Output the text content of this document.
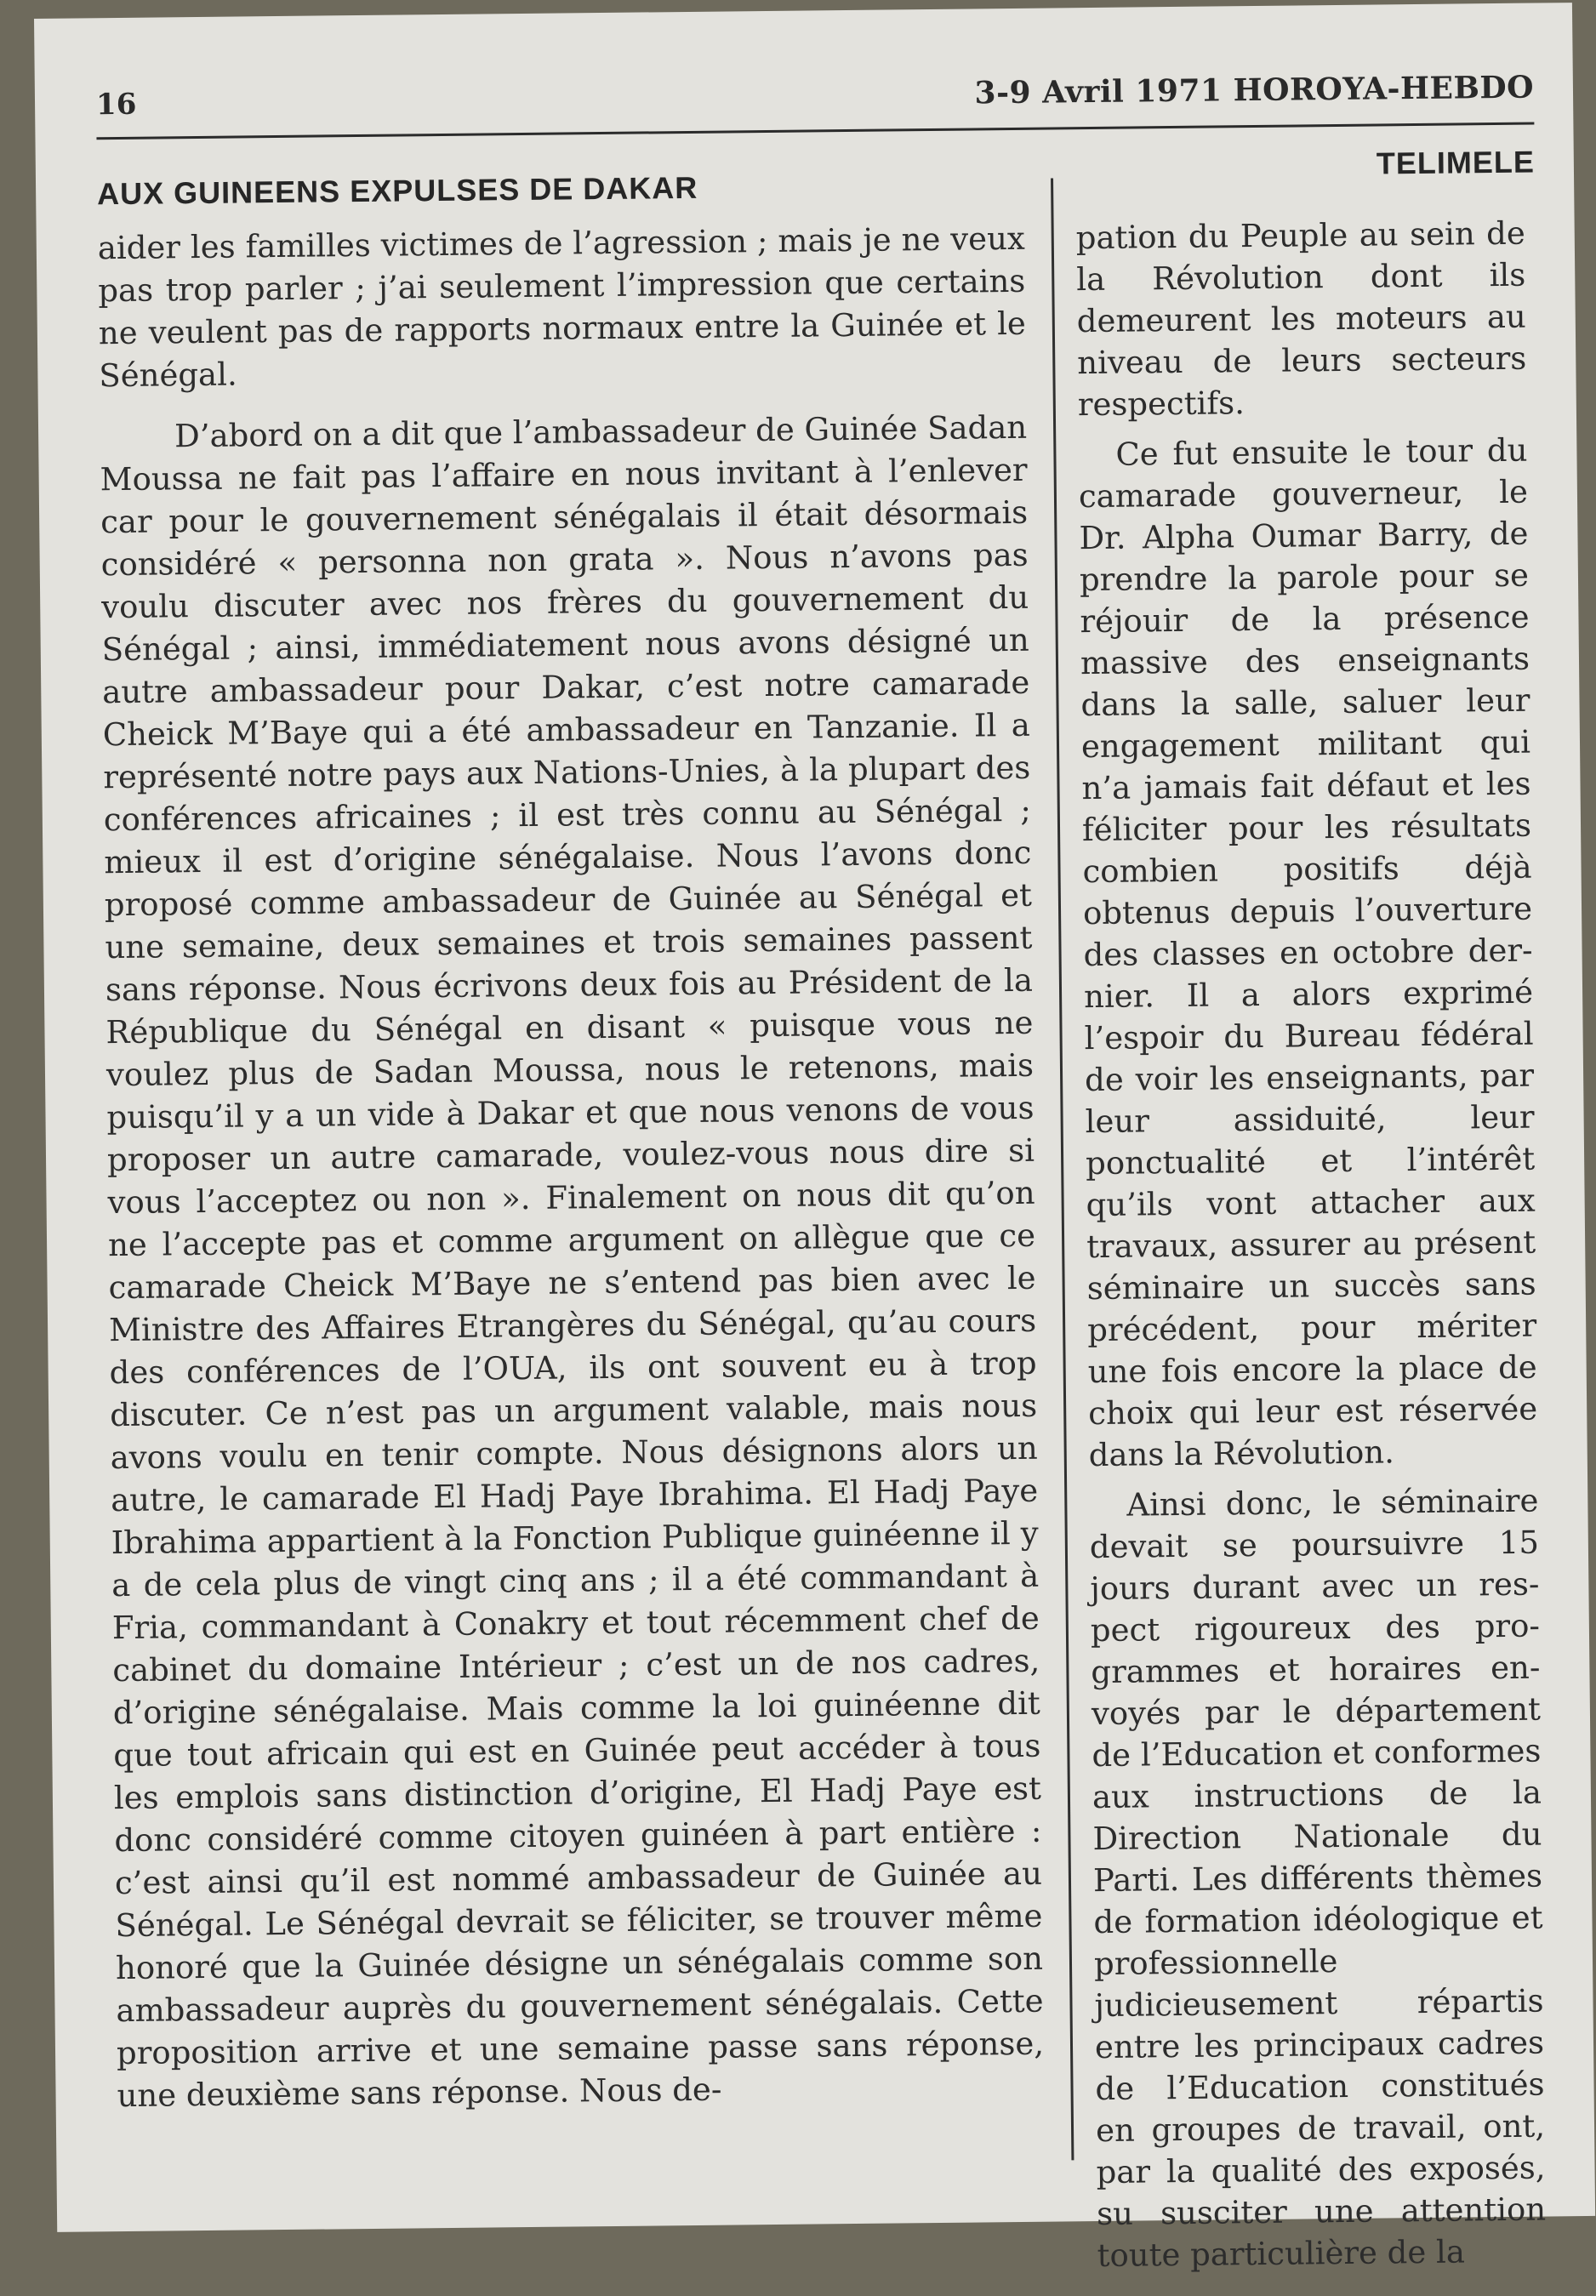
16	3-9 Avril 1971 HOROYA-HEBDO
AUX GUINEENS EXPULSES DE DAKAR
TELIMELE

aider les familles victimes de l’agression ; mais je ne veux pas trop parler ; j’ai seulement l’impression que certains ne veulent pas de rapports normaux entre la Guinée et le Sénégal.

D’abord on a dit que l’ambassadeur de Guinée Sadan Moussa ne fait pas l’affaire en nous invitant à l’enlever car pour le gouvernement sénégalais il était désormais considéré « personna non grata ». Nous n’avons pas voulu discuter avec nos frères du gouvernement du Sénégal ; ainsi, immédiatement nous avons désigné un autre ambassadeur pour Dakar, c’est notre camarade Cheick M’Baye qui a été ambassadeur en Tanzanie. Il a représenté notre pays aux Nations-Unies, à la plupart des conférences africaines ; il est très connu au Sénégal ; mieux il est d’origine sénégalaise. Nous l’avons donc proposé comme ambassadeur de Guinée au Sénégal et une semaine, deux semaines et trois semaines passent sans réponse. Nous écrivons deux fois au Président de la République du Sénégal en disant « puisque vous ne voulez plus de Sadan Moussa, nous le retenons, mais puisqu’il y a un vide à Dakar et que nous venons de vous proposer un autre camarade, voulez-vous nous dire si vous l’acceptez ou non ». Finalement on nous dit qu’on ne l’accepte pas et comme argument on allègue que ce camarade Cheick M’Baye ne s’entend pas bien avec le Ministre des Affaires Etrangères du Sénégal, qu’au cours des conférences de l’OUA, ils ont souvent eu à trop discuter. Ce n’est pas un argument valable, mais nous avons voulu en tenir compte. Nous désignons alors un autre, le camarade El Hadj Paye Ibrahima. El Hadj Paye Ibrahima appartient à la Fonction Publique guinéenne il y a de cela plus de vingt cinq ans ; il a été commandant à Fria, commandant à Conakry et tout récemment chef de cabinet du domaine Intérieur ; c’est un de nos cadres, d’origine sénégalaise. Mais comme la loi guinéenne dit que tout africain qui est en Guinée peut accéder à tous les emplois sans distinction d’origine, El Hadj Paye est donc considéré comme citoyen guinéen à part entière : c’est ainsi qu’il est nommé ambassadeur de Guinée au Sénégal. Le Sénégal devrait se féliciter, se trouver même honoré que la Guinée désigne un sénégalais comme son ambassadeur auprès du gouvernement sénégalais. Cette proposition arrive et une semaine passe sans réponse, une deuxième sans réponse. Nous de-

pation du Peuple au sein de la Révolution dont ils demeurent les moteurs au niveau de leurs secteurs respectifs.

Ce fut ensuite le tour du camarade gouverneur, le Dr. Alpha Oumar Barry, de prendre la parole pour se réjouir de la présence massive des enseignants dans la salle, saluer leur engagement militant qui n’a jamais fait défaut et les féliciter pour les résultats combien positifs déjà obtenus depuis l’ouverture des classes en octobre dernier. Il a alors exprimé l’espoir du Bureau fédéral de voir les enseignants, par leur assiduité, leur ponctualité et l’intérêt qu’ils vont attacher aux travaux, assurer au présent séminaire un succès sans précédent, pour mériter une fois encore la place de choix qui leur est réservée dans la Révolution.

Ainsi donc, le séminaire devait se poursuivre 15 jours durant avec un respect rigoureux des programmes et horaires envoyés par le département de l’Education et conformes aux instructions de la Direction Nationale du Parti. Les différents thèmes de formation idéologique et professionnelle judicieusement répartis entre les principaux cadres de l’Education constitués en groupes de travail, ont, par la qualité des exposés, su susciter une attention toute particulière de la
